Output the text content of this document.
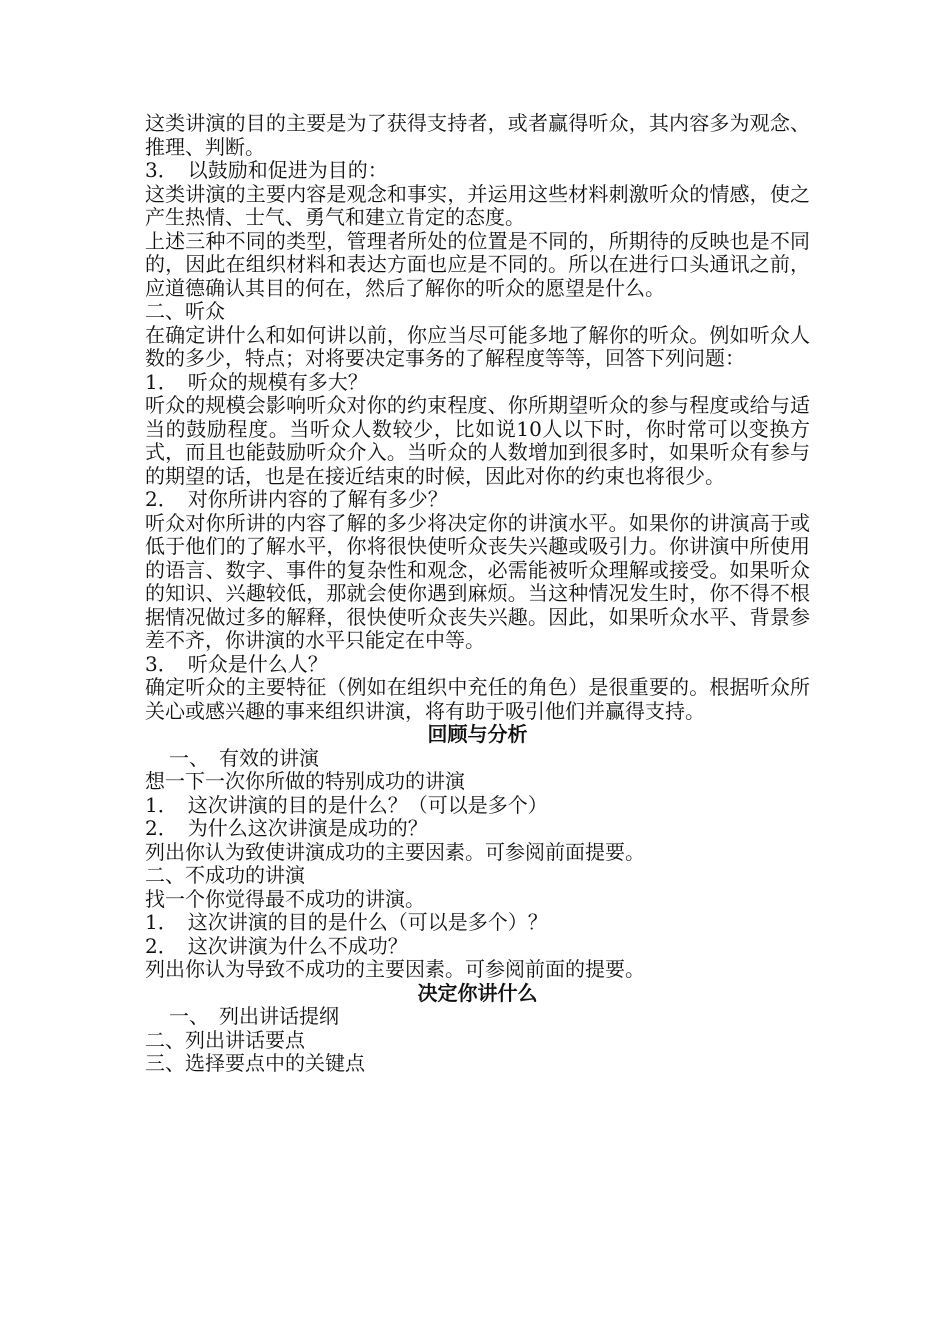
这类讲演的目的主要是为了获得支持者，或者赢得听众，其内容多为观念、推理、判断。

3．　以鼓励和促进为目的：

这类讲演的主要内容是观念和事实，并运用这些材料刺激听众的情感，使之产生热情、士气、勇气和建立肯定的态度。

上述三种不同的类型，管理者所处的位置是不同的，所期待的反映也是不同的，因此在组织材料和表达方面也应是不同的。所以在进行口头通讯之前，应道德确认其目的何在，然后了解你的听众的愿望是什么。

二、听众

在确定讲什么和如何讲以前，你应当尽可能多地了解你的听众。例如听众人数的多少，特点；对将要决定事务的了解程度等等，回答下列问题：

1．　听众的规模有多大？

听众的规模会影响听众对你的约束程度、你所期望听众的参与程度或给与适当的鼓励程度。当听众人数较少，比如说10人以下时，你时常可以变换方式，而且也能鼓励听众介入。当听众的人数增加到很多时，如果听众有参与的期望的话，也是在接近结束的时候，因此对你的约束也将很少。

2．　对你所讲内容的了解有多少？

听众对你所讲的内容了解的多少将决定你的讲演水平。如果你的讲演高于或低于他们的了解水平，你将很快使听众丧失兴趣或吸引力。你讲演中所使用的语言、数字、事件的复杂性和观念，必需能被听众理解或接受。如果听众的知识、兴趣较低，那就会使你遇到麻烦。当这种情况发生时，你不得不根据情况做过多的解释，很快使听众丧失兴趣。因此，如果听众水平、背景参差不齐，你讲演的水平只能定在中等。

3．　听众是什么人？

确定听众的主要特征（例如在组织中充任的角色）是很重要的。根据听众所关心或感兴趣的事来组织讲演，将有助于吸引他们并赢得支持。

回顾与分析

一、　有效的讲演

想一下一次你所做的特别成功的讲演

1．　这次讲演的目的是什么？（可以是多个）

2．　为什么这次讲演是成功的？

列出你认为致使讲演成功的主要因素。可参阅前面提要。

二、不成功的讲演

找一个你觉得最不成功的讲演。

1．　这次讲演的目的是什么（可以是多个）？

2．　这次讲演为什么不成功？

列出你认为导致不成功的主要因素。可参阅前面的提要。

决定你讲什么

一、　列出讲话提纲

二、列出讲话要点

三、选择要点中的关键点
